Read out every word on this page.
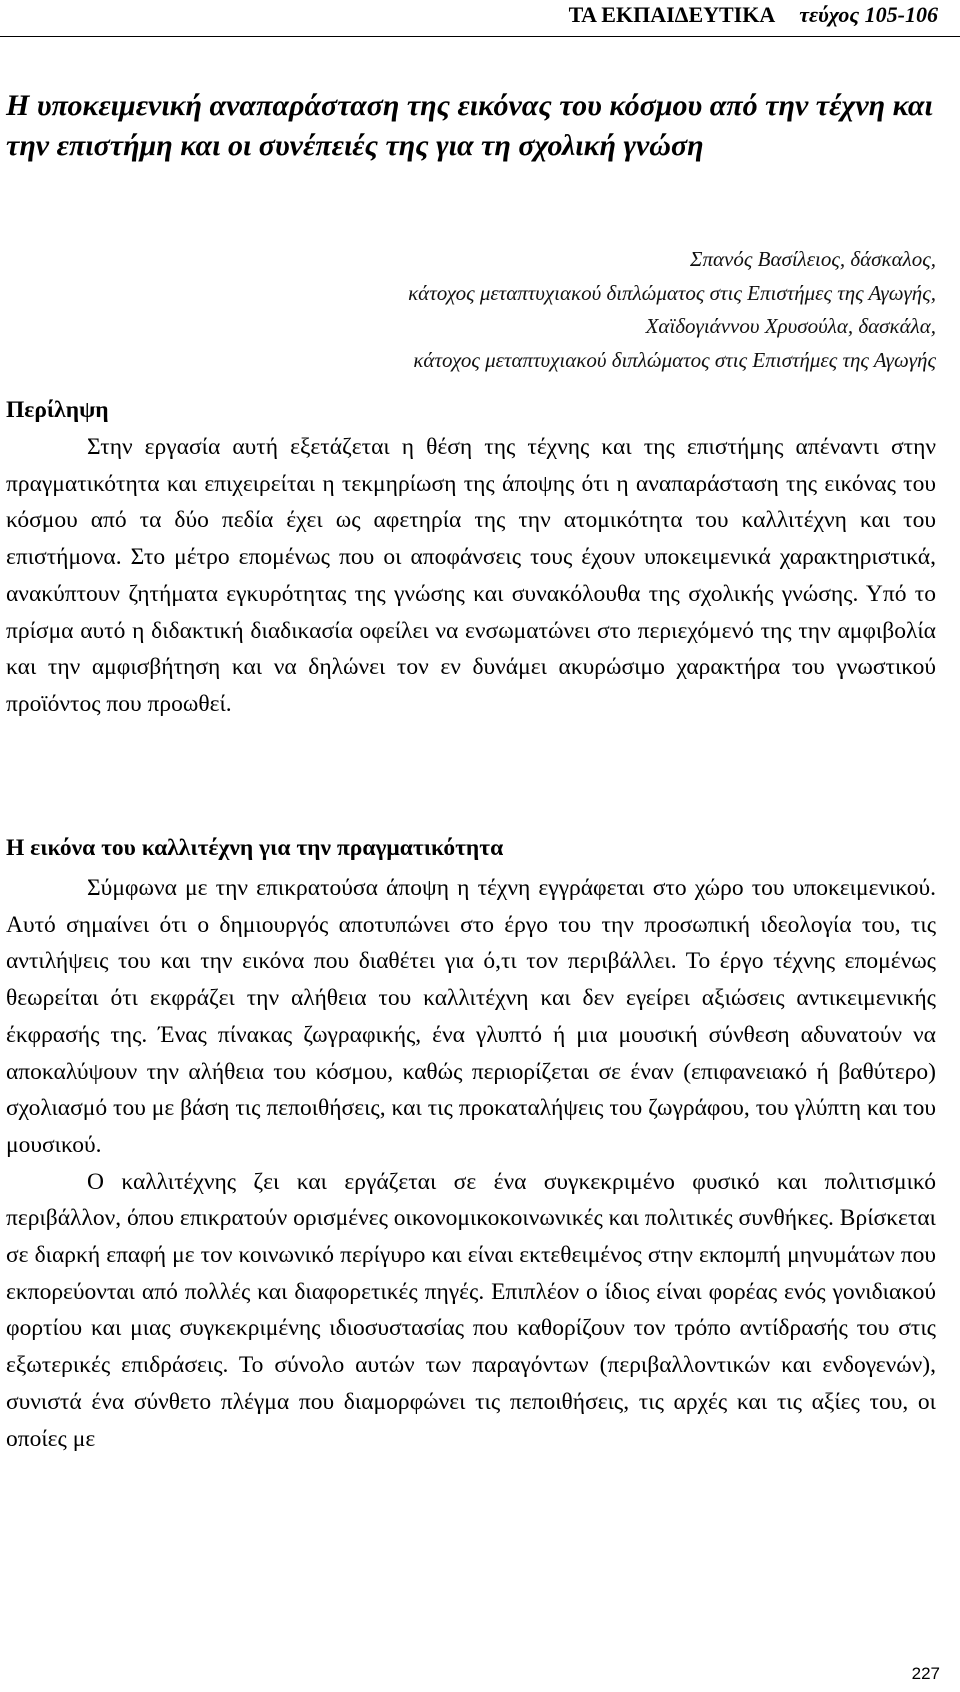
ΤΑ ΕΚΠΑΙΔΕΥΤΙΚΑ τεύχος 105-106
Η υποκειμενική αναπαράσταση της εικόνας του κόσμου από την τέχνη και την επιστήμη και οι συνέπειές της για τη σχολική γνώση
Σπανός Βασίλειος, δάσκαλος,
κάτοχος μεταπτυχιακού διπλώματος στις Επιστήμες της Αγωγής,
Χαϊδογιάννου Χρυσούλα, δασκάλα,
κάτοχος μεταπτυχιακού διπλώματος στις Επιστήμες της Αγωγής
Περίληψη

Στην εργασία αυτή εξετάζεται η θέση της τέχνης και της επιστήμης απέναντι στην πραγματικότητα και επιχειρείται η τεκμηρίωση της άποψης ότι η αναπαράσταση της εικόνας του κόσμου από τα δύο πεδία έχει ως αφετηρία της την ατομικότητα του καλλιτέχνη και του επιστήμονα. Στο μέτρο επομένως που οι αποφάνσεις τους έχουν υποκειμενικά χαρακτηριστικά, ανακύπτουν ζητήματα εγκυρότητας της γνώσης και συνακόλουθα της σχολικής γνώσης. Υπό το πρίσμα αυτό η διδακτική διαδικασία οφείλει να ενσωματώνει στο περιεχόμενό της την αμφιβολία και την αμφισβήτηση και να δηλώνει τον εν δυνάμει ακυρώσιμο χαρακτήρα του γνωστικού προϊόντος που προωθεί.

Η εικόνα του καλλιτέχνη για την πραγματικότητα

Σύμφωνα με την επικρατούσα άποψη η τέχνη εγγράφεται στο χώρο του υποκειμενικού. Αυτό σημαίνει ότι ο δημιουργός αποτυπώνει στο έργο του την προσωπική ιδεολογία του, τις αντιλήψεις του και την εικόνα που διαθέτει για ό,τι τον περιβάλλει. Το έργο τέχνης επομένως θεωρείται ότι εκφράζει την αλήθεια του καλλιτέχνη και δεν εγείρει αξιώσεις αντικειμενικής έκφρασής της. Ένας πίνακας ζωγραφικής, ένα γλυπτό ή μια μουσική σύνθεση αδυνατούν να αποκαλύψουν την αλήθεια του κόσμου, καθώς περιορίζεται σε έναν (επιφανειακό ή βαθύτερο) σχολιασμό του με βάση τις πεποιθήσεις, και τις προκαταλήψεις του ζωγράφου, του γλύπτη και του μουσικού.

Ο καλλιτέχνης ζει και εργάζεται σε ένα συγκεκριμένο φυσικό και πολιτισμικό περιβάλλον, όπου επικρατούν ορισμένες οικονομικοκοινωνικές και πολιτικές συνθήκες. Βρίσκεται σε διαρκή επαφή με τον κοινωνικό περίγυρο και είναι εκτεθειμένος στην εκπομπή μηνυμάτων που εκπορεύονται από πολλές και διαφορετικές πηγές. Επιπλέον ο ίδιος είναι φορέας ενός γονιδιακού φορτίου και μιας συγκεκριμένης ιδιοσυστασίας που καθορίζουν τον τρόπο αντίδρασής του στις εξωτερικές επιδράσεις. Το σύνολο αυτών των παραγόντων (περιβαλλοντικών και ενδογενών), συνιστά ένα σύνθετο πλέγμα που διαμορφώνει τις πεποιθήσεις, τις αρχές και τις αξίες του, οι οποίες με

227
